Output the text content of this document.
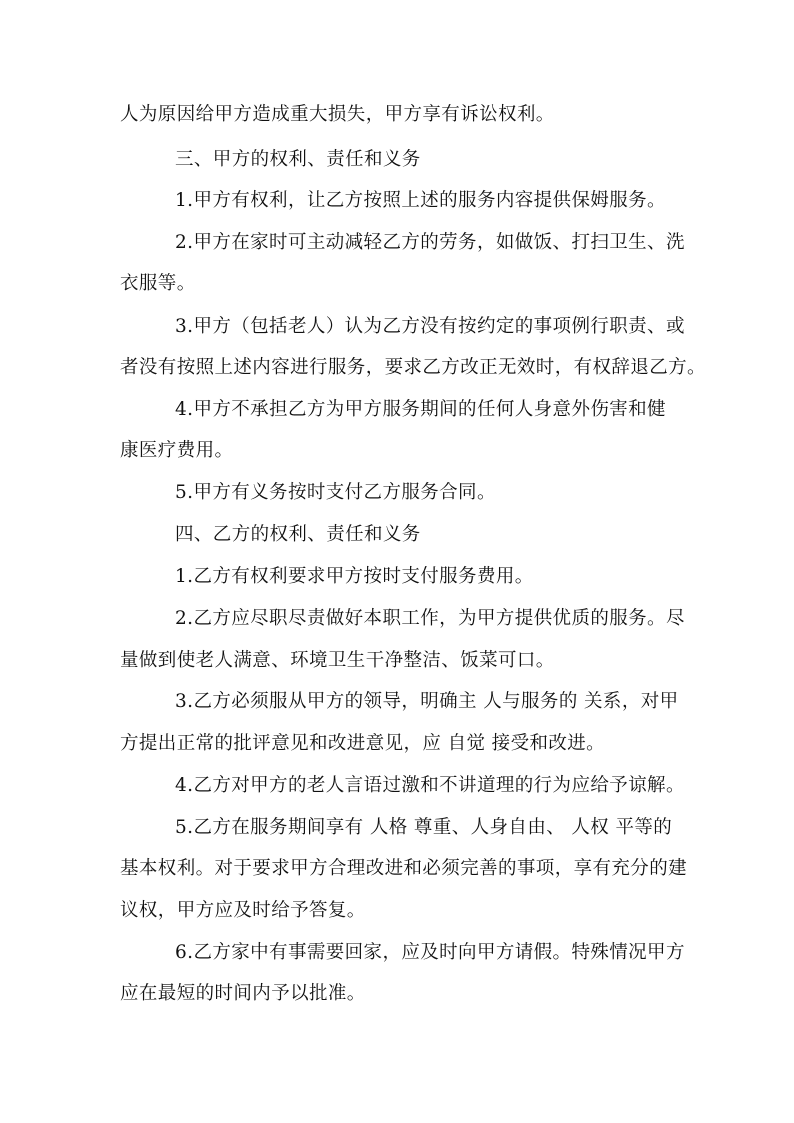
人为原因给甲方造成重大损失，甲方享有诉讼权利。
三、甲方的权利、责任和义务
1.甲方有权利，让乙方按照上述的服务内容提供保姆服务。
2.甲方在家时可主动减轻乙方的劳务，如做饭、打扫卫生、洗
衣服等。
3.甲方（包括老人）认为乙方没有按约定的事项例行职责、或
者没有按照上述内容进行服务，要求乙方改正无效时，有权辞退乙方。
4.甲方不承担乙方为甲方服务期间的任何人身意外伤害和健
康医疗费用。
5.甲方有义务按时支付乙方服务合同。
四、乙方的权利、责任和义务
1.乙方有权利要求甲方按时支付服务费用。
2.乙方应尽职尽责做好本职工作，为甲方提供优质的服务。尽
量做到使老人满意、环境卫生干净整洁、饭菜可口。
3.乙方必须服从甲方的领导，明确主 人与服务的 关系，对甲
方提出正常的批评意见和改进意见，应 自觉 接受和改进。
4.乙方对甲方的老人言语过激和不讲道理的行为应给予谅解。
5.乙方在服务期间享有 人格 尊重、人身自由、 人权 平等的
基本权利。对于要求甲方合理改进和必须完善的事项，享有充分的建
议权，甲方应及时给予答复。
6.乙方家中有事需要回家，应及时向甲方请假。特殊情况甲方
应在最短的时间内予以批准。
